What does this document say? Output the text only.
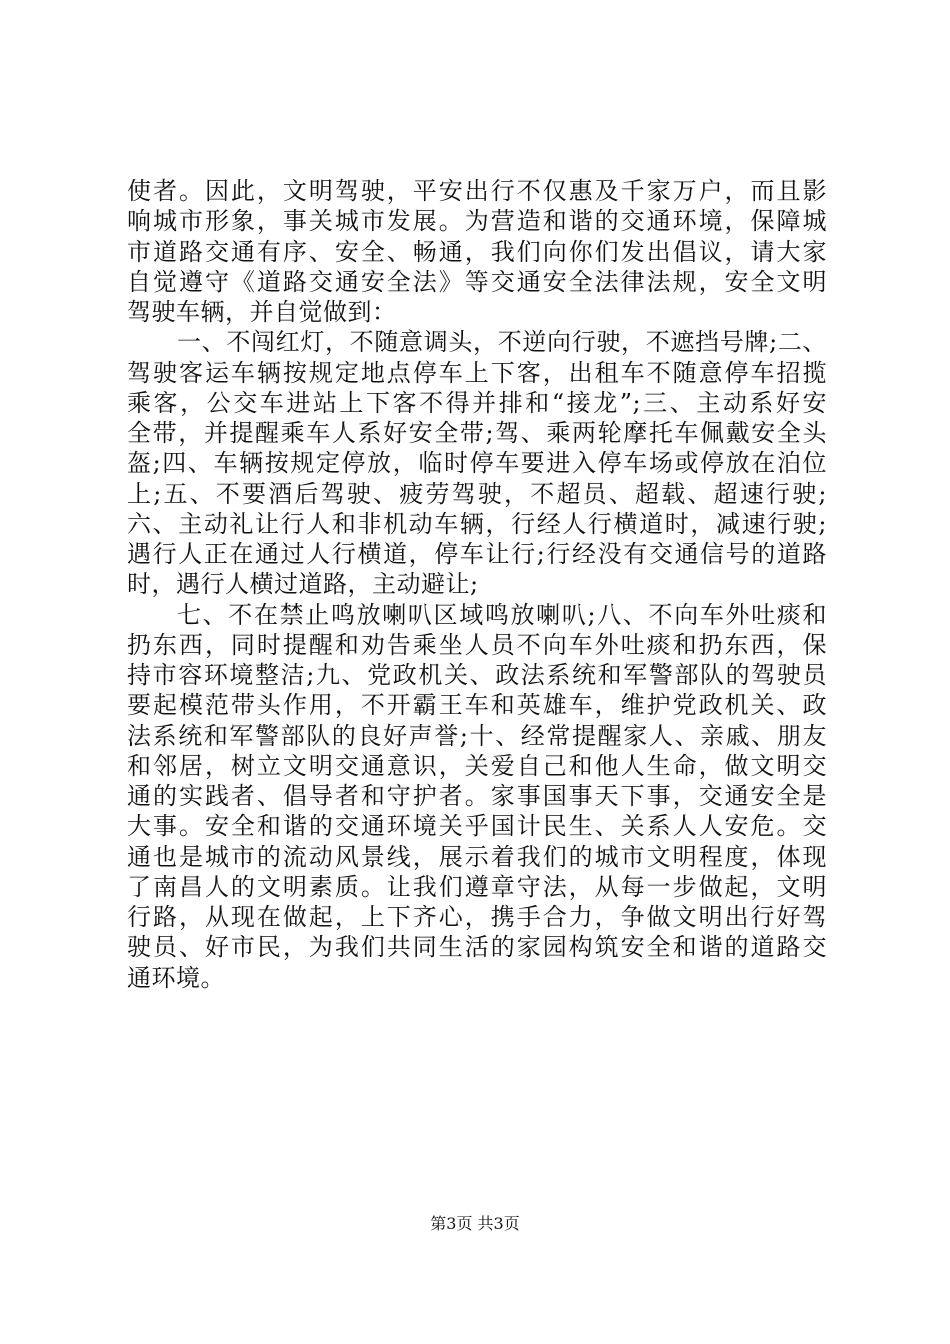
使者。因此，文明驾驶，平安出行不仅惠及千家万户，而且影
响城市形象，事关城市发展。为营造和谐的交通环境，保障城
市道路交通有序、安全、畅通，我们向你们发出倡议，请大家
自觉遵守《道路交通安全法》等交通安全法律法规，安全文明
驾驶车辆，并自觉做到：
一、不闯红灯，不随意调头，不逆向行驶，不遮挡号牌;二、
驾驶客运车辆按规定地点停车上下客，出租车不随意停车招揽
乘客，公交车进站上下客不得并排和“接龙”;三、主动系好安
全带，并提醒乘车人系好安全带;驾、乘两轮摩托车佩戴安全头
盔;四、车辆按规定停放，临时停车要进入停车场或停放在泊位
上;五、不要酒后驾驶、疲劳驾驶，不超员、超载、超速行驶;
六、主动礼让行人和非机动车辆，行经人行横道时，减速行驶;
遇行人正在通过人行横道，停车让行;行经没有交通信号的道路
时，遇行人横过道路，主动避让;
七、不在禁止鸣放喇叭区域鸣放喇叭;八、不向车外吐痰和
扔东西，同时提醒和劝告乘坐人员不向车外吐痰和扔东西，保
持市容环境整洁;九、党政机关、政法系统和军警部队的驾驶员
要起模范带头作用，不开霸王车和英雄车，维护党政机关、政
法系统和军警部队的良好声誉;十、经常提醒家人、亲戚、朋友
和邻居，树立文明交通意识，关爱自己和他人生命，做文明交
通的实践者、倡导者和守护者。家事国事天下事，交通安全是
大事。安全和谐的交通环境关乎国计民生、关系人人安危。交
通也是城市的流动风景线，展示着我们的城市文明程度，体现
了南昌人的文明素质。让我们遵章守法，从每一步做起，文明
行路，从现在做起，上下齐心，携手合力，争做文明出行好驾
驶员、好市民，为我们共同生活的家园构筑安全和谐的道路交
通环境。
第3页 共3页
